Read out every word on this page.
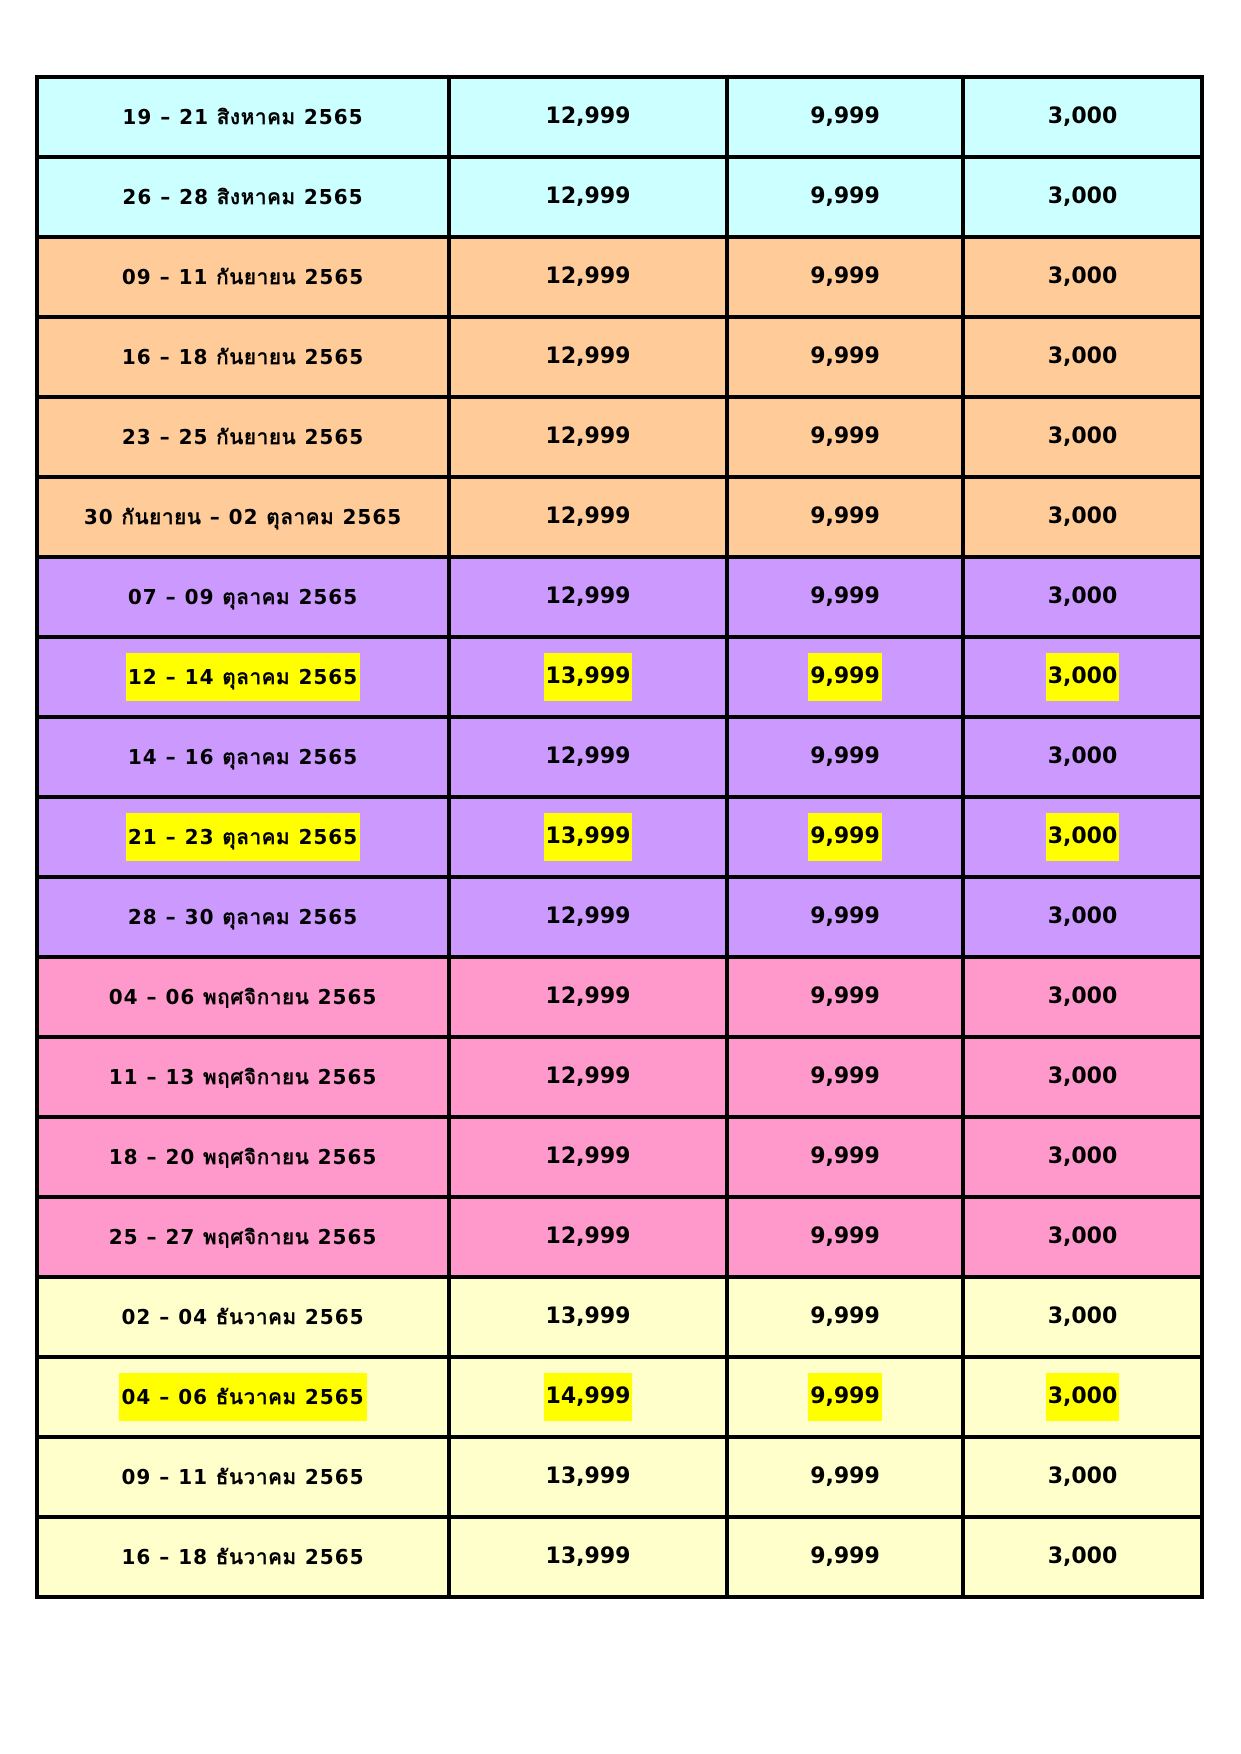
19 – 21 สิงหาคม 2565	12,999	9,999	3,000
26 – 28 สิงหาคม 2565	12,999	9,999	3,000
09 – 11 กันยายน 2565	12,999	9,999	3,000
16 – 18 กันยายน 2565	12,999	9,999	3,000
23 – 25 กันยายน 2565	12,999	9,999	3,000
30 กันยายน – 02 ตุลาคม 2565	12,999	9,999	3,000
07 – 09 ตุลาคม 2565	12,999	9,999	3,000
12 – 14 ตุลาคม 2565	13,999	9,999	3,000
14 – 16 ตุลาคม 2565	12,999	9,999	3,000
21 – 23 ตุลาคม 2565	13,999	9,999	3,000
28 – 30 ตุลาคม 2565	12,999	9,999	3,000
04 – 06 พฤศจิกายน 2565	12,999	9,999	3,000
11 – 13 พฤศจิกายน 2565	12,999	9,999	3,000
18 – 20 พฤศจิกายน 2565	12,999	9,999	3,000
25 – 27 พฤศจิกายน 2565	12,999	9,999	3,000
02 – 04 ธันวาคม 2565	13,999	9,999	3,000
04 – 06 ธันวาคม 2565	14,999	9,999	3,000
09 – 11 ธันวาคม 2565	13,999	9,999	3,000
16 – 18 ธันวาคม 2565	13,999	9,999	3,000
